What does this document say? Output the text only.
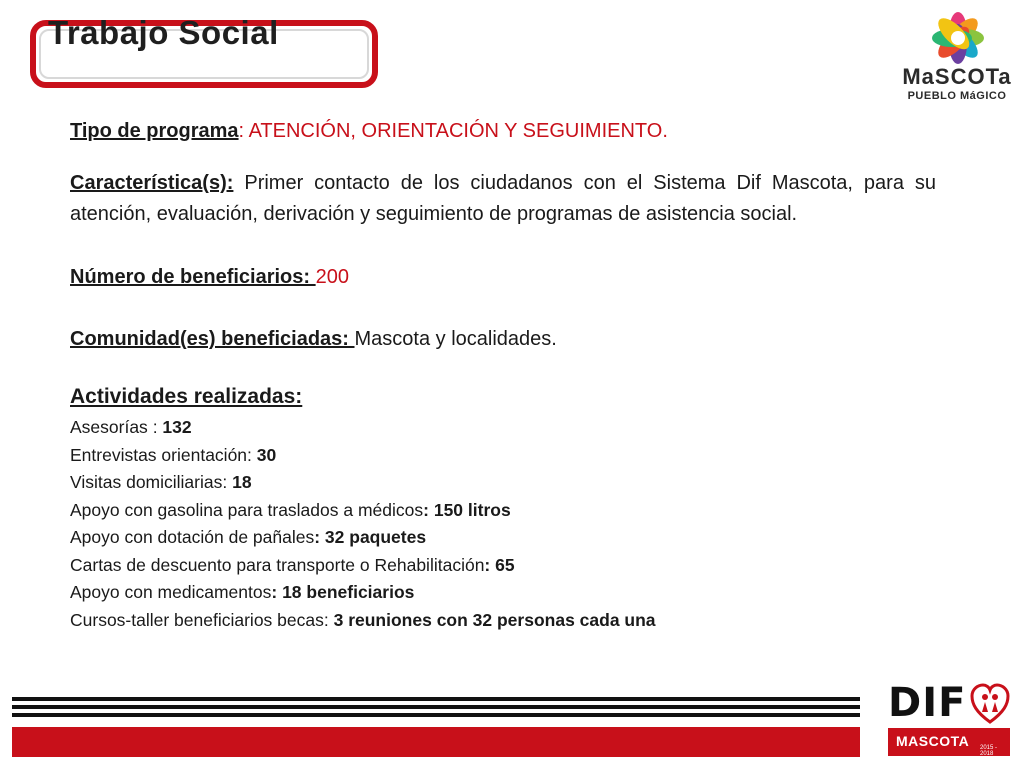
Trabajo Social
MaSCOTa
PUEBLO MáGICO
Tipo de programa: ATENCIÓN, ORIENTACIÓN Y SEGUIMIENTO.
Característica(s): Primer contacto de los ciudadanos con el Sistema Dif Mascota, para su atención, evaluación, derivación y seguimiento de programas de asistencia social.
Número de beneficiarios: 200
Comunidad(es) beneficiadas: Mascota y localidades.
Actividades realizadas:
Asesorías : 132
Entrevistas orientación: 30
Visitas domiciliarias: 18
Apoyo con gasolina para traslados a médicos: 150 litros
Apoyo con dotación de pañales: 32 paquetes
Cartas de descuento para transporte o Rehabilitación: 65
Apoyo con medicamentos: 18 beneficiarios
Cursos-taller beneficiarios becas: 3 reuniones con 32 personas cada una
DIF
MASCOTA 2015 - 2018
